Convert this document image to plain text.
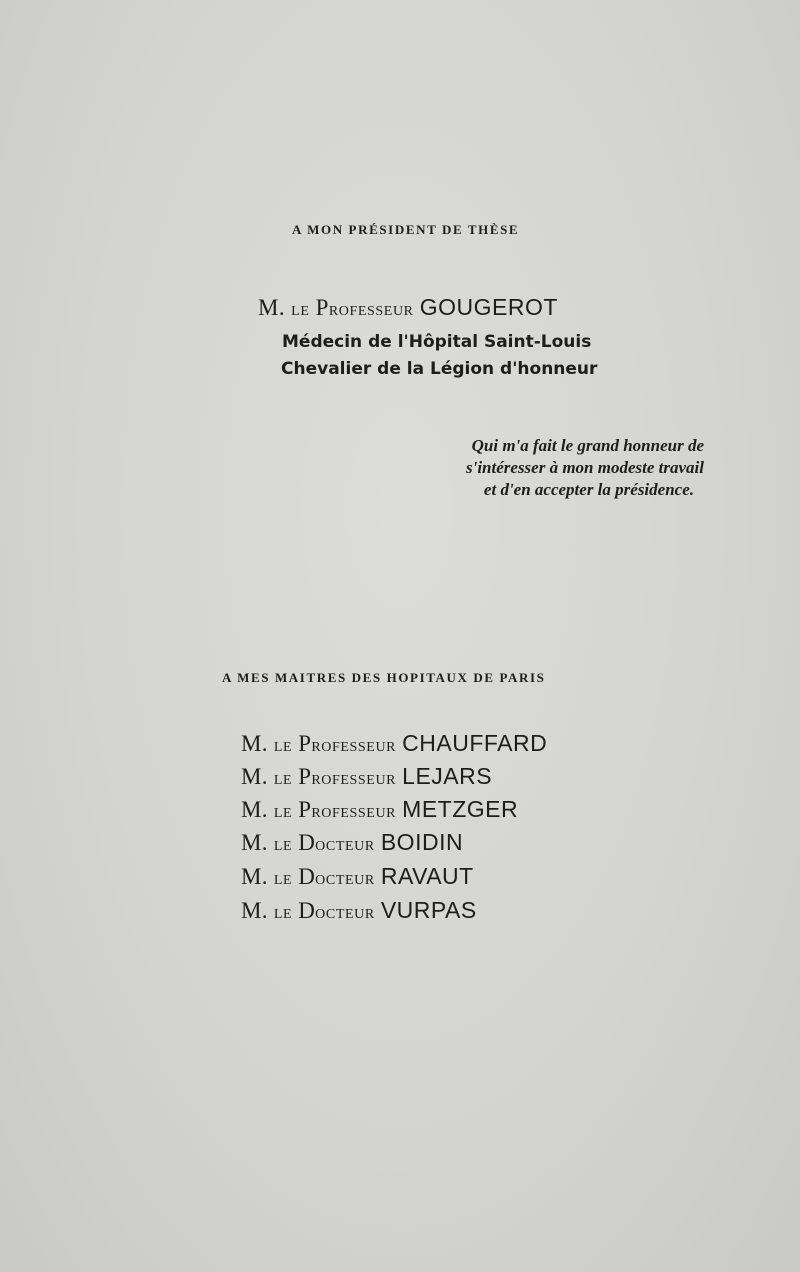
A MON PRÉSIDENT DE THÈSE
M. LE PROFESSEUR GOUGEROT
Médecin de l'Hôpital Saint-Louis
Chevalier de la Légion d'honneur
Qui m'a fait le grand honneur de
s'intéresser à mon modeste travail
et d'en accepter la présidence.
A MES MAITRES DES HOPITAUX DE PARIS
M. LE PROFESSEUR CHAUFFARD
M. LE PROFESSEUR LEJARS
M. LE PROFESSEUR METZGER
M. LE DOCTEUR BOIDIN
M. LE DOCTEUR RAVAUT
M. LE DOCTEUR VURPAS
